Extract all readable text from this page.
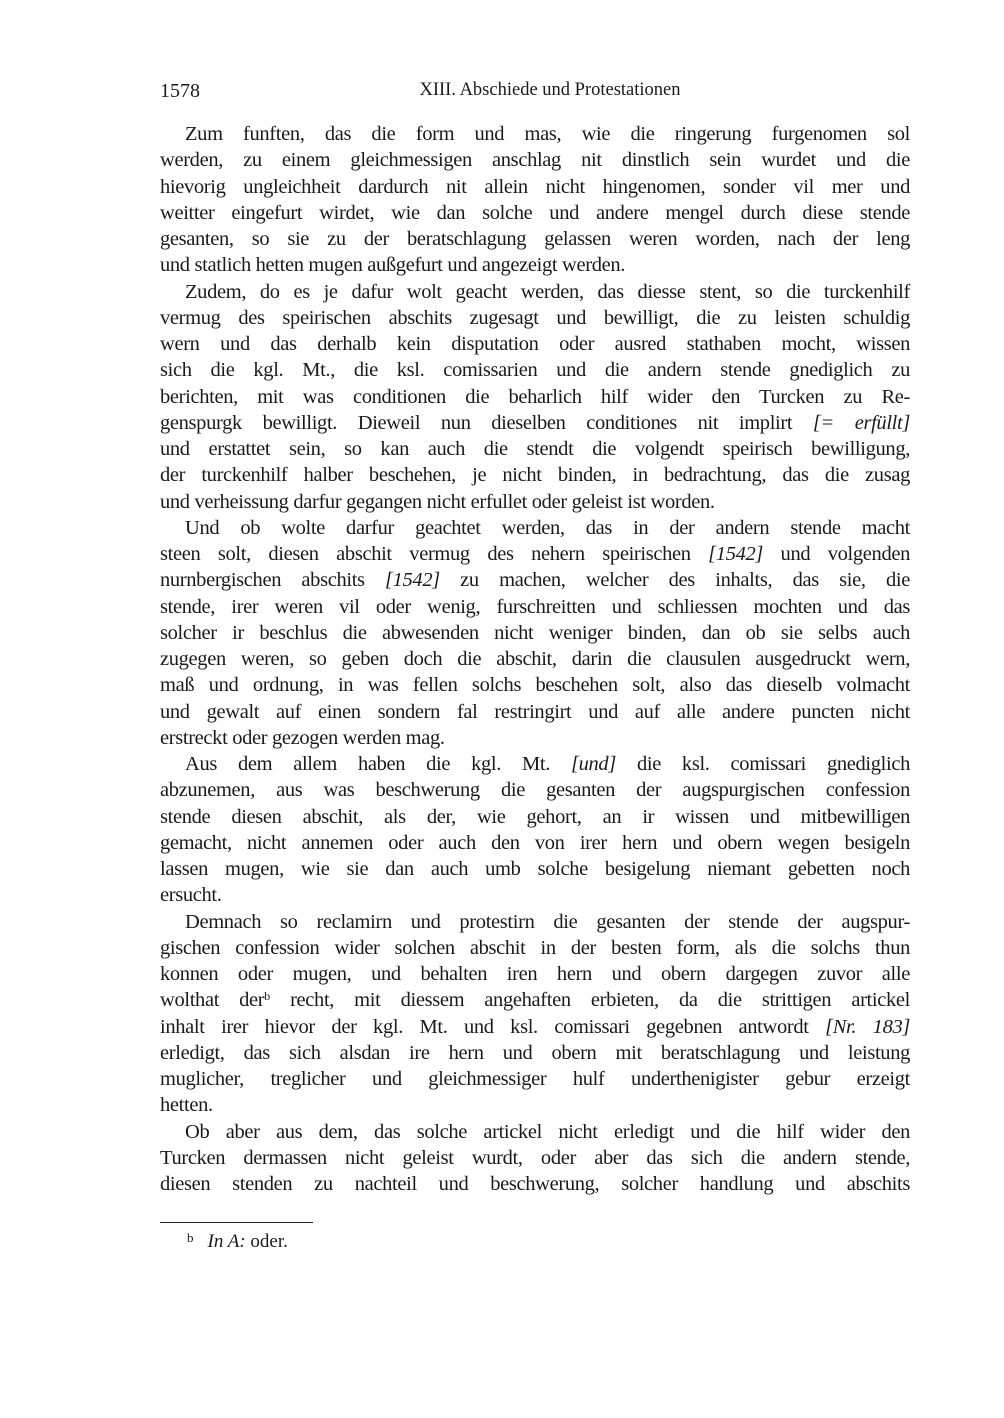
1578	XIII. Abschiede und Protestationen
Zum funften, das die form und mas, wie die ringerung furgenomen sol
werden, zu einem gleichmessigen anschlag nit dinstlich sein wurdet und die
hievorig ungleichheit dardurch nit allein nicht hingenomen, sonder vil mer und
weitter eingefurt wirdet, wie dan solche und andere mengel durch diese stende
gesanten, so sie zu der beratschlagung gelassen weren worden, nach der leng
und statlich hetten mugen außgefurt und angezeigt werden.
Zudem, do es je dafur wolt geacht werden, das diesse stent, so die turckenhilf
vermug des speirischen abschits zugesagt und bewilligt, die zu leisten schuldig
wern und das derhalb kein disputation oder ausred stathaben mocht, wissen
sich die kgl. Mt., die ksl. comissarien und die andern stende gnediglich zu
berichten, mit was conditionen die beharlich hilf wider den Turcken zu Re-
genspurgk bewilligt. Dieweil nun dieselben conditiones nit implirt [= erfüllt]
und erstattet sein, so kan auch die stendt die volgendt speirisch bewilligung,
der turckenhilf halber beschehen, je nicht binden, in bedrachtung, das die zusag
und verheissung darfur gegangen nicht erfullet oder geleist ist worden.
Und ob wolte darfur geachtet werden, das in der andern stende macht
steen solt, diesen abschit vermug des nehern speirischen [1542] und volgenden
nurnbergischen abschits [1542] zu machen, welcher des inhalts, das sie, die
stende, irer weren vil oder wenig, furschreitten und schliessen mochten und das
solcher ir beschlus die abwesenden nicht weniger binden, dan ob sie selbs auch
zugegen weren, so geben doch die abschit, darin die clausulen ausgedruckt wern,
maß und ordnung, in was fellen solchs beschehen solt, also das dieselb volmacht
und gewalt auf einen sondern fal restringirt und auf alle andere puncten nicht
erstreckt oder gezogen werden mag.
Aus dem allem haben die kgl. Mt. [und] die ksl. comissari gnediglich
abzunemen, aus was beschwerung die gesanten der augspurgischen confession
stende diesen abschit, als der, wie gehort, an ir wissen und mitbewilligen
gemacht, nicht annemen oder auch den von irer hern und obern wegen besigeln
lassen mugen, wie sie dan auch umb solche besigelung niemant gebetten noch
ersucht.
Demnach so reclamirn und protestirn die gesanten der stende der augspur-
gischen confession wider solchen abschit in der besten form, als die solchs thun
konnen oder mugen, und behalten iren hern und obern dargegen zuvor alle
wolthat der$^b$ recht, mit diessem angehaften erbieten, da die strittigen artickel
inhalt irer hievor der kgl. Mt. und ksl. comissari gegebnen antwordt [Nr. 183]
erledigt, das sich alsdan ire hern und obern mit beratschlagung und leistung
muglicher, treglicher und gleichmessiger hulf underthenigister gebur erzeigt
hetten.
Ob aber aus dem, das solche artickel nicht erledigt und die hilf wider den
Turcken dermassen nicht geleist wurdt, oder aber das sich die andern stende,
diesen stenden zu nachteil und beschwerung, solcher handlung und abschits
$^b$ In A: oder.
